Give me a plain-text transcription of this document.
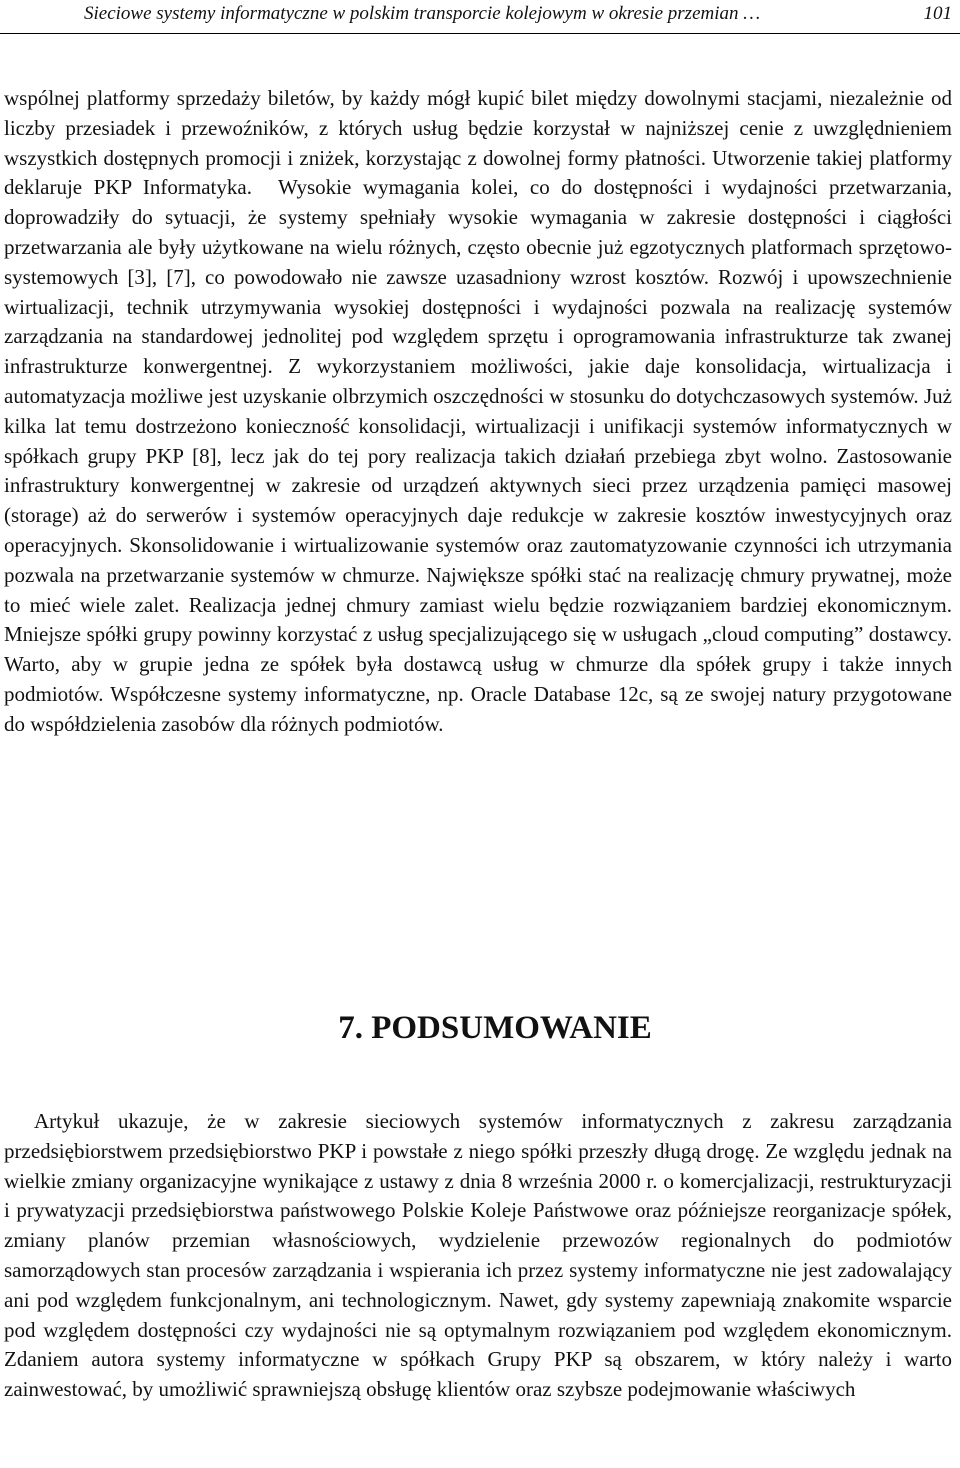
Sieciowe systemy informatyczne w polskim transporcie kolejowym w okresie przemian …	101

wspólnej platformy sprzedaży biletów, by każdy mógł kupić bilet między dowolnymi stacjami, niezależnie od liczby przesiadek i przewoźników, z których usług będzie korzystał w najniższej cenie z uwzględnieniem wszystkich dostępnych promocji i zniżek, korzystając z dowolnej formy płatności. Utworzenie takiej platformy deklaruje PKP Informatyka. Wysokie wymagania kolei, co do dostępności i wydajności przetwarzania, doprowadziły do sytuacji, że systemy spełniały wysokie wymagania w zakresie dostępności i ciągłości przetwarzania ale były użytkowane na wielu różnych, często obecnie już egzotycznych platformach sprzętowo-systemowych [3], [7], co powodowało nie zawsze uzasadniony wzrost kosztów. Rozwój i upowszechnienie wirtualizacji, technik utrzymywania wysokiej dostępności i wydajności pozwala na realizację systemów zarządzania na standardowej jednolitej pod względem sprzętu i oprogramowania infrastrukturze tak zwanej infrastrukturze konwergentnej. Z wykorzystaniem możliwości, jakie daje konsolidacja, wirtualizacja i automatyzacja możliwe jest uzyskanie olbrzymich oszczędności w stosunku do dotychczasowych systemów. Już kilka lat temu dostrzeżono konieczność konsolidacji, wirtualizacji i unifikacji systemów informatycznych w spółkach grupy PKP [8], lecz jak do tej pory realizacja takich działań przebiega zbyt wolno. Zastosowanie infrastruktury konwergentnej w zakresie od urządzeń aktywnych sieci przez urządzenia pamięci masowej (storage) aż do serwerów i systemów operacyjnych daje redukcje w zakresie kosztów inwestycyjnych oraz operacyjnych. Skonsolidowanie i wirtualizowanie systemów oraz zautomatyzowanie czynności ich utrzymania pozwala na przetwarzanie systemów w chmurze. Największe spółki stać na realizację chmury prywatnej, może to mieć wiele zalet. Realizacja jednej chmury zamiast wielu będzie rozwiązaniem bardziej ekonomicznym. Mniejsze spółki grupy powinny korzystać z usług specjalizującego się w usługach „cloud computing” dostawcy. Warto, aby w grupie jedna ze spółek była dostawcą usług w chmurze dla spółek grupy i także innych podmiotów. Współczesne systemy informatyczne, np. Oracle Database 12c, są ze swojej natury przygotowane do współdzielenia zasobów dla różnych podmiotów.

7. PODSUMOWANIE

Artykuł ukazuje, że w zakresie sieciowych systemów informatycznych z zakresu zarządzania przedsiębiorstwem przedsiębiorstwo PKP i powstałe z niego spółki przeszły długą drogę. Ze względu jednak na wielkie zmiany organizacyjne wynikające z ustawy z dnia 8 września 2000 r. o komercjalizacji, restrukturyzacji i prywatyzacji przedsiębiorstwa państwowego Polskie Koleje Państwowe oraz późniejsze reorganizacje spółek, zmiany planów przemian własnościowych, wydzielenie przewozów regionalnych do podmiotów samorządowych stan procesów zarządzania i wspierania ich przez systemy informatyczne nie jest zadowalający ani pod względem funkcjonalnym, ani technologicznym. Nawet, gdy systemy zapewniają znakomite wsparcie pod względem dostępności czy wydajności nie są optymalnym rozwiązaniem pod względem ekonomicznym. Zdaniem autora systemy informatyczne w spółkach Grupy PKP są obszarem, w który należy i warto zainwestować, by umożliwić sprawniejszą obsługę klientów oraz szybsze podejmowanie właściwych
